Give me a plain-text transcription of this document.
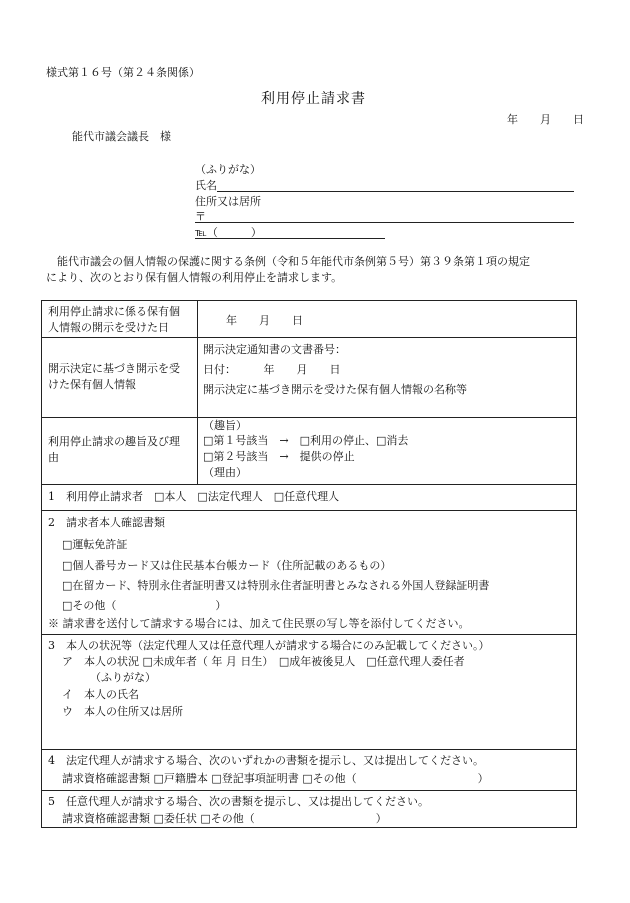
様式第１６号（第２４条関係）
利用停止請求書
年　　月　　日
能代市議会議長　様
（ふりがな）
氏名
住所又は居所
〒
℡（　　　）
能代市議会の個人情報の保護に関する条例（令和５年能代市条例第５号）第３９条第１項の規定
により、次のとおり保有個人情報の利用停止を請求します。
利用停止請求に係る保有個
人情報の開示を受けた日
年　　月　　日
開示決定に基づき開示を受
けた保有個人情報
開示決定通知書の文書番号：
日付：　　　年　　月　　日
開示決定に基づき開示を受けた保有個人情報の名称等
利用停止請求の趣旨及び理
由
（趣旨）
□第１号該当　→　□利用の停止、□消去
□第２号該当　→　提供の停止
（理由）
1　利用停止請求者　□本人　□法定代理人　□任意代理人
2　請求者本人確認書類
□運転免許証
□個人番号カード又は住民基本台帳カード（住所記載のあるもの）
□在留カード、特別永住者証明書又は特別永住者証明書とみなされる外国人登録証明書
□その他（　　　　　　　　　）
※ 請求書を送付して請求する場合には、加えて住民票の写し等を添付してください。
3　本人の状況等（法定代理人又は任意代理人が請求する場合にのみ記載してください。）
ア　本人の状況 □未成年者（ 年 月 日生）　□成年被後見人　□任意代理人委任者
（ふりがな）
イ　本人の氏名
ウ　本人の住所又は居所
4　法定代理人が請求する場合、次のいずれかの書類を提示し、又は提出してください。
請求資格確認書類 □戸籍謄本 □登記事項証明書 □その他（　　　　　　　　　　　）
5　任意代理人が請求する場合、次の書類を提示し、又は提出してください。
請求資格確認書類 □委任状 □その他（　　　　　　　　　　　）
